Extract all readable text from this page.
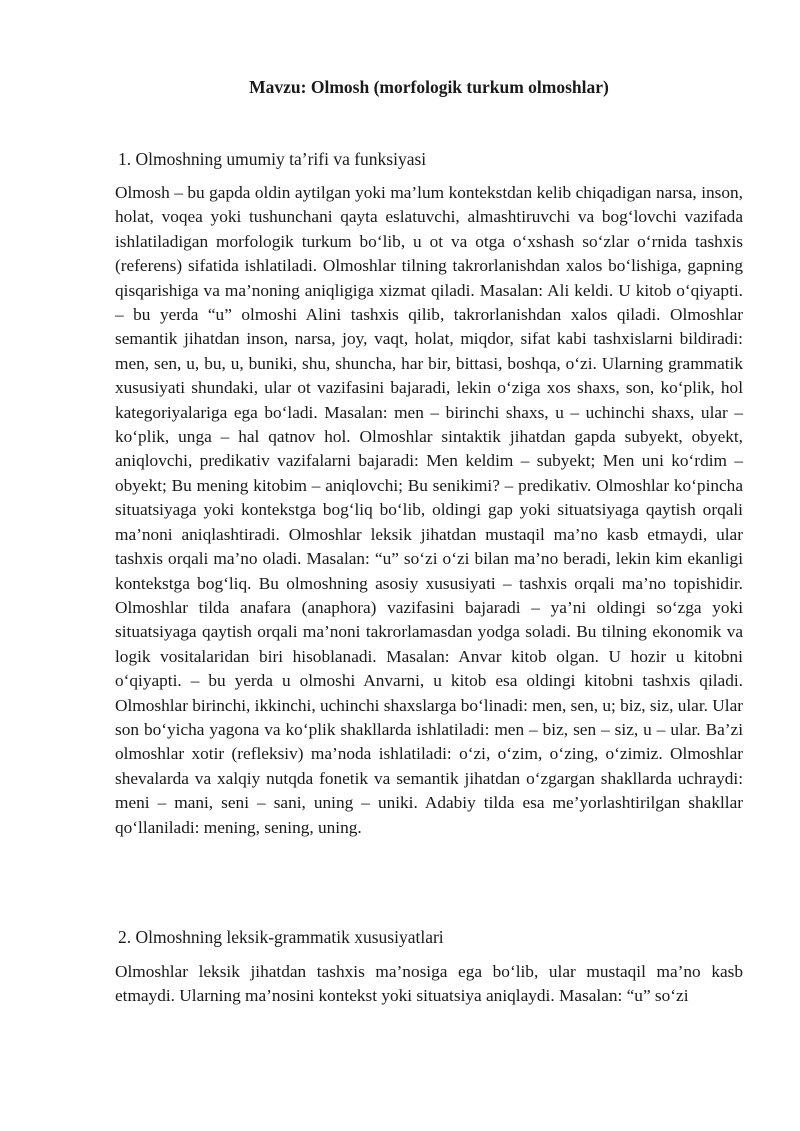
Mavzu: Olmosh (morfologik turkum olmoshlar)
1. Olmoshning umumiy ta’rifi va funksiyasi

Olmosh – bu gapda oldin aytilgan yoki ma’lum kontekstdan kelib chiqadigan narsa, inson, holat, voqea yoki tushunchani qayta eslatuvchi, almashtiruvchi va bog‘lovchi vazifada ishlatiladigan morfologik turkum bo‘lib, u ot va otga o‘xshash so‘zlar o‘rnida tashxis (referens) sifatida ishlatiladi. Olmoshlar tilning takrorlanishdan xalos bo‘lishiga, gapning qisqarishiga va ma’noning aniqligiga xizmat qiladi. Masalan: Ali keldi. U kitob o‘qiyapti. – bu yerda “u” olmoshi Alini tashxis qilib, takrorlanishdan xalos qiladi. Olmoshlar semantik jihatdan inson, narsa, joy, vaqt, holat, miqdor, sifat kabi tashxislarni bildiradi: men, sen, u, bu, u, buniki, shu, shuncha, har bir, bittasi, boshqa, o‘zi. Ularning grammatik xususiyati shundaki, ular ot vazifasini bajaradi, lekin o‘ziga xos shaxs, son, ko‘plik, hol kategoriyalariga ega bo‘ladi. Masalan: men – birinchi shaxs, u – uchinchi shaxs, ular – ko‘plik, unga – hal qatnov hol. Olmoshlar sintaktik jihatdan gapda subyekt, obyekt, aniqlovchi, predikativ vazifalarni bajaradi: Men keldim – subyekt; Men uni ko‘rdim – obyekt; Bu mening kitobim – aniqlovchi; Bu senikimi? – predikativ. Olmoshlar ko‘pincha situatsiyaga yoki kontekstga bog‘liq bo‘lib, oldingi gap yoki situatsiyaga qaytish orqali ma’noni aniqlashtiradi. Olmoshlar leksik jihatdan mustaqil ma’no kasb etmaydi, ular tashxis orqali ma’no oladi. Masalan: “u” so‘zi o‘zi bilan ma’no beradi, lekin kim ekanligi kontekstga bog‘liq. Bu olmoshning asosiy xususiyati – tashxis orqali ma’no topishidir. Olmoshlar tilda anafara (anaphora) vazifasini bajaradi – ya’ni oldingi so‘zga yoki situatsiyaga qaytish orqali ma’noni takrorlamasdan yodga soladi. Bu tilning ekonomik va logik vositalaridan biri hisoblanadi. Masalan: Anvar kitob olgan. U hozir u kitobni o‘qiyapti. – bu yerda u olmoshi Anvarni, u kitob esa oldingi kitobni tashxis qiladi. Olmoshlar birinchi, ikkinchi, uchinchi shaxslarga bo‘linadi: men, sen, u; biz, siz, ular. Ular son bo‘yicha yagona va ko‘plik shakllarda ishlatiladi: men – biz, sen – siz, u – ular. Ba’zi olmoshlar xotir (refleksiv) ma’noda ishlatiladi: o‘zi, o‘zim, o‘zing, o‘zimiz. Olmoshlar shevalarda va xalqiy nutqda fonetik va semantik jihatdan o‘zgargan shakllarda uchraydi: meni – mani, seni – sani, uning – uniki. Adabiy tilda esa me’yorlashtirilgan shakllar qo‘llaniladi: mening, sening, uning.

2. Olmoshning leksik-grammatik xususiyatlari

Olmoshlar leksik jihatdan tashxis ma’nosiga ega bo‘lib, ular mustaqil ma’no kasb etmaydi. Ularning ma’nosini kontekst yoki situatsiya aniqlaydi. Masalan: “u” so‘zi
